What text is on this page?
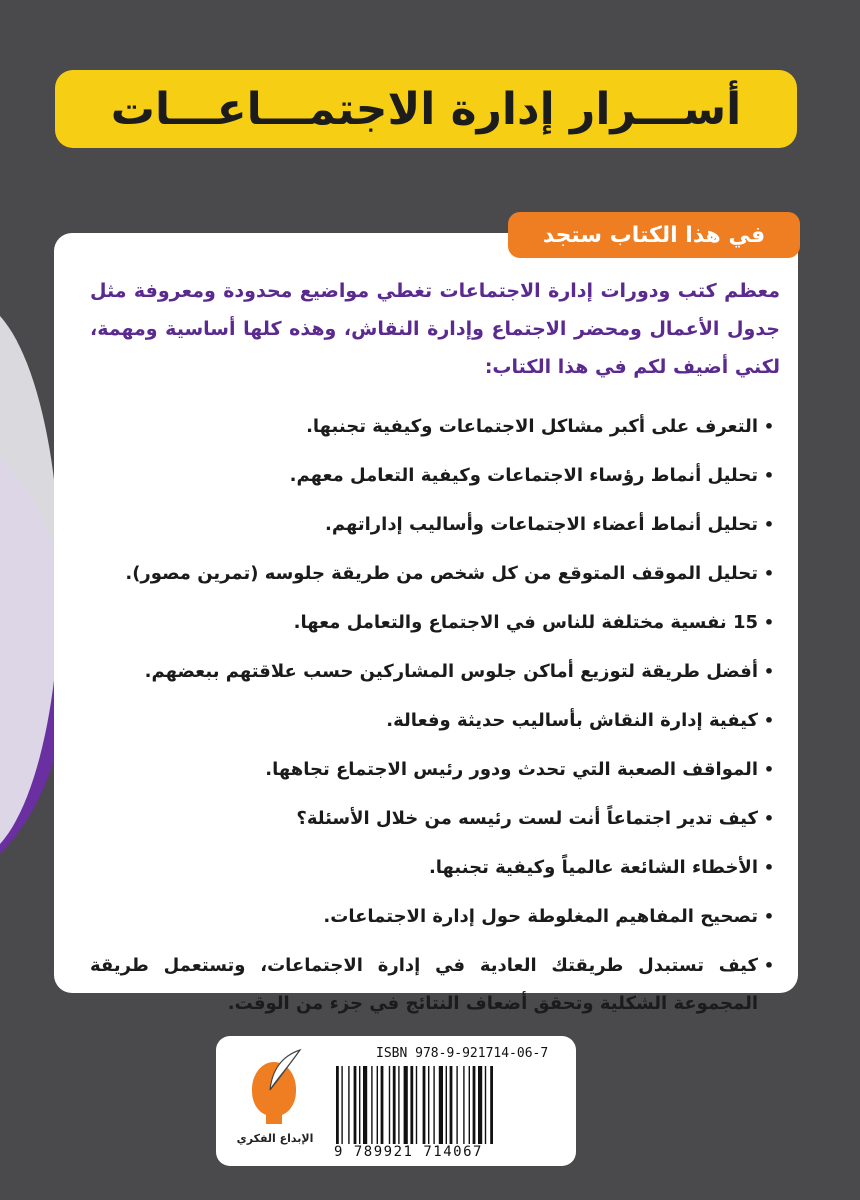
أســـرار إدارة الاجتمـــاعـــات
في هذا الكتاب ستجد
معظم كتب ودورات إدارة الاجتماعات تغطي مواضيع محدودة ومعروفة مثل جدول الأعمال ومحضر الاجتماع وإدارة النقاش، وهذه كلها أساسية ومهمة، لكني أضيف لكم في هذا الكتاب:
•
التعرف على أكبر مشاكل الاجتماعات وكيفية تجنبها.
•
تحليل أنماط رؤساء الاجتماعات وكيفية التعامل معهم.
•
تحليل أنماط أعضاء الاجتماعات وأساليب إداراتهم.
•
تحليل الموقف المتوقع من كل شخص من طريقة جلوسه (تمرين مصور).
•
15 نفسية مختلفة للناس في الاجتماع والتعامل معها.
•
أفضل طريقة لتوزيع أماكن جلوس المشاركين حسب علاقتهم ببعضهم.
•
كيفية إدارة النقاش بأساليب حديثة وفعالة.
•
المواقف الصعبة التي تحدث ودور رئيس الاجتماع تجاهها.
•
كيف تدير اجتماعاً أنت لست رئيسه من خلال الأسئلة؟
•
الأخطاء الشائعة عالمياً وكيفية تجنبها.
•
تصحيح المفاهيم المغلوطة حول إدارة الاجتماعات.
•
كيف تستبدل طريقتك العادية في إدارة الاجتماعات، وتستعمل طريقة المجموعة الشكلية وتحقق أضعاف النتائج في جزء من الوقت.
الإبداع الفكري
ISBN 978-9-921714-06-7
9 789921 714067
